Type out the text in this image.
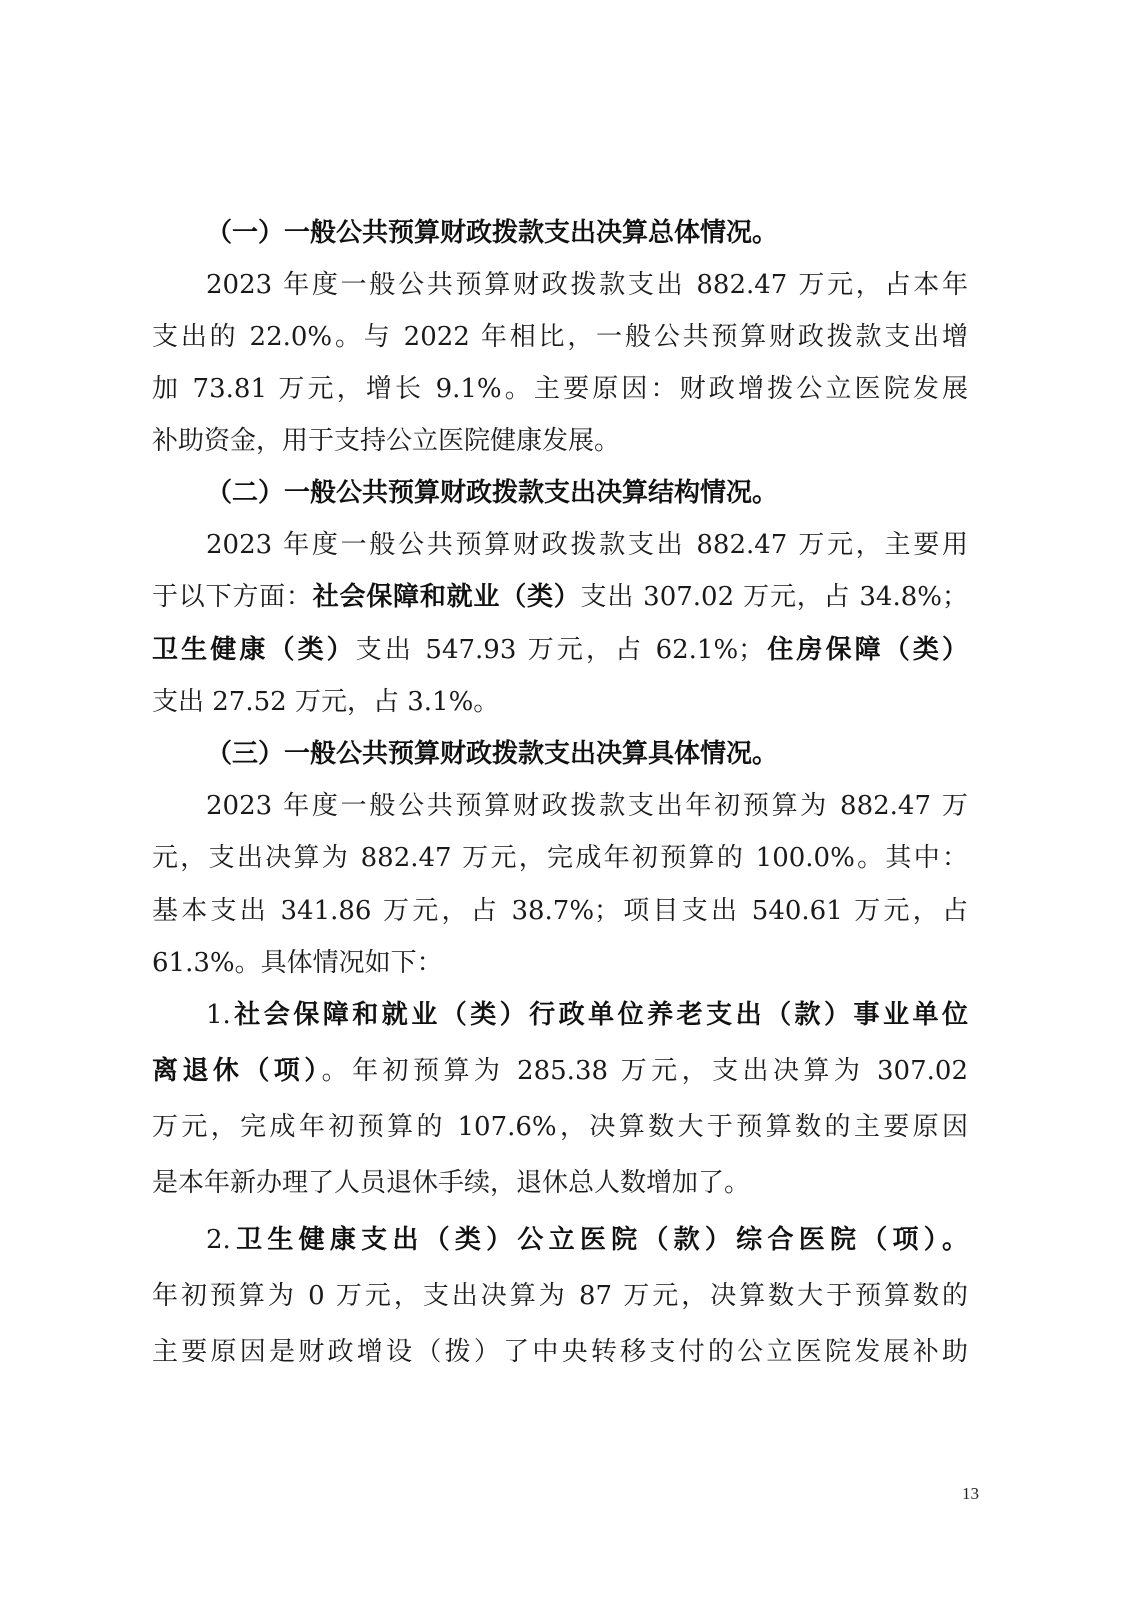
（一）一般公共预算财政拨款支出决算总体情况。
2023 年度一般公共预算财政拨款支出 882.47 万元，占本年
支出的 22.0%。与 2022 年相比，一般公共预算财政拨款支出增
加 73.81 万元，增长 9.1%。主要原因：财政增拨公立医院发展
补助资金，用于支持公立医院健康发展。
（二）一般公共预算财政拨款支出决算结构情况。
2023 年度一般公共预算财政拨款支出 882.47 万元，主要用
于以下方面：社会保障和就业（类）支出 307.02 万元，占 34.8%；
卫生健康（类）支出 547.93 万元，占 62.1%；住房保障（类）
支出 27.52 万元，占 3.1%。
（三）一般公共预算财政拨款支出决算具体情况。
2023 年度一般公共预算财政拨款支出年初预算为 882.47 万
元，支出决算为 882.47 万元，完成年初预算的 100.0%。其中：
基本支出 341.86 万元，占 38.7%；项目支出 540.61 万元，占
61.3%。具体情况如下：
1.社会保障和就业（类）行政单位养老支出（款）事业单位
离退休（项）。年初预算为 285.38 万元，支出决算为 307.02
万元，完成年初预算的 107.6%，决算数大于预算数的主要原因
是本年新办理了人员退休手续，退休总人数增加了。
2.卫生健康支出（类）公立医院（款）综合医院（项）。
年初预算为 0 万元，支出决算为 87 万元，决算数大于预算数的
主要原因是财政增设（拨）了中央转移支付的公立医院发展补助
13
